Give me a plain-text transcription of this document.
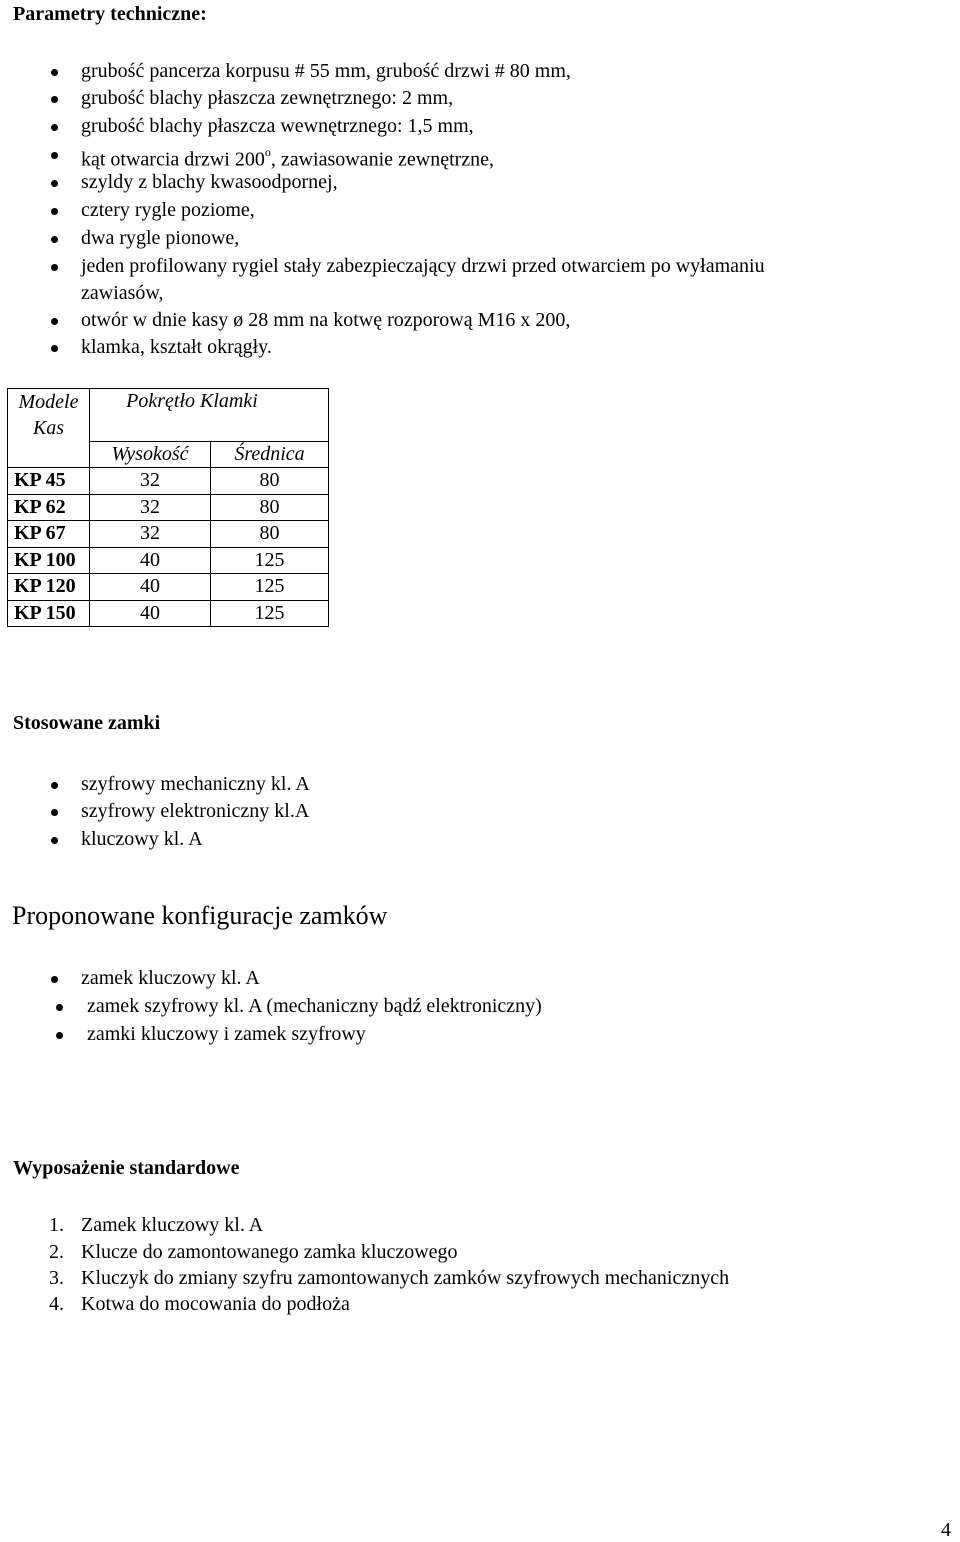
Parametry techniczne:
grubość pancerza korpusu # 55 mm, grubość drzwi # 80 mm,
grubość blachy płaszcza zewnętrznego: 2 mm,
grubość blachy płaszcza wewnętrznego: 1,5 mm,
kąt otwarcia drzwi 200$^o$, zawiasowanie zewnętrzne,
szyldy z blachy kwasoodpornej,
cztery rygle poziome,
dwa rygle pionowe,
jeden profilowany rygiel stały zabezpieczający drzwi przed otwarciem po wyłamaniu
zawiasów,
otwór w dnie kasy ø 28 mm na kotwę rozporową M16 x 200,
klamka, kształt okrągły.
Modele
Kas	Pokrętło Klamki	
	Wysokość	Średnica
KP 45	32	80
KP 62	32	80
KP 67	32	80
KP 100	40	125
KP 120	40	125
KP 150	40	125
Stosowane zamki
szyfrowy mechaniczny kl. A
szyfrowy elektroniczny kl.A
kluczowy kl. A
Proponowane konfiguracje zamków
zamek kluczowy kl. A
zamek szyfrowy kl. A (mechaniczny bądź elektroniczny)
zamki kluczowy i zamek szyfrowy
Wyposażenie standardowe
1. Zamek kluczowy kl. A
2. Klucze do zamontowanego zamka kluczowego
3. Kluczyk do zmiany szyfru zamontowanych zamków szyfrowych mechanicznych
4. Kotwa do mocowania do podłoża
4
